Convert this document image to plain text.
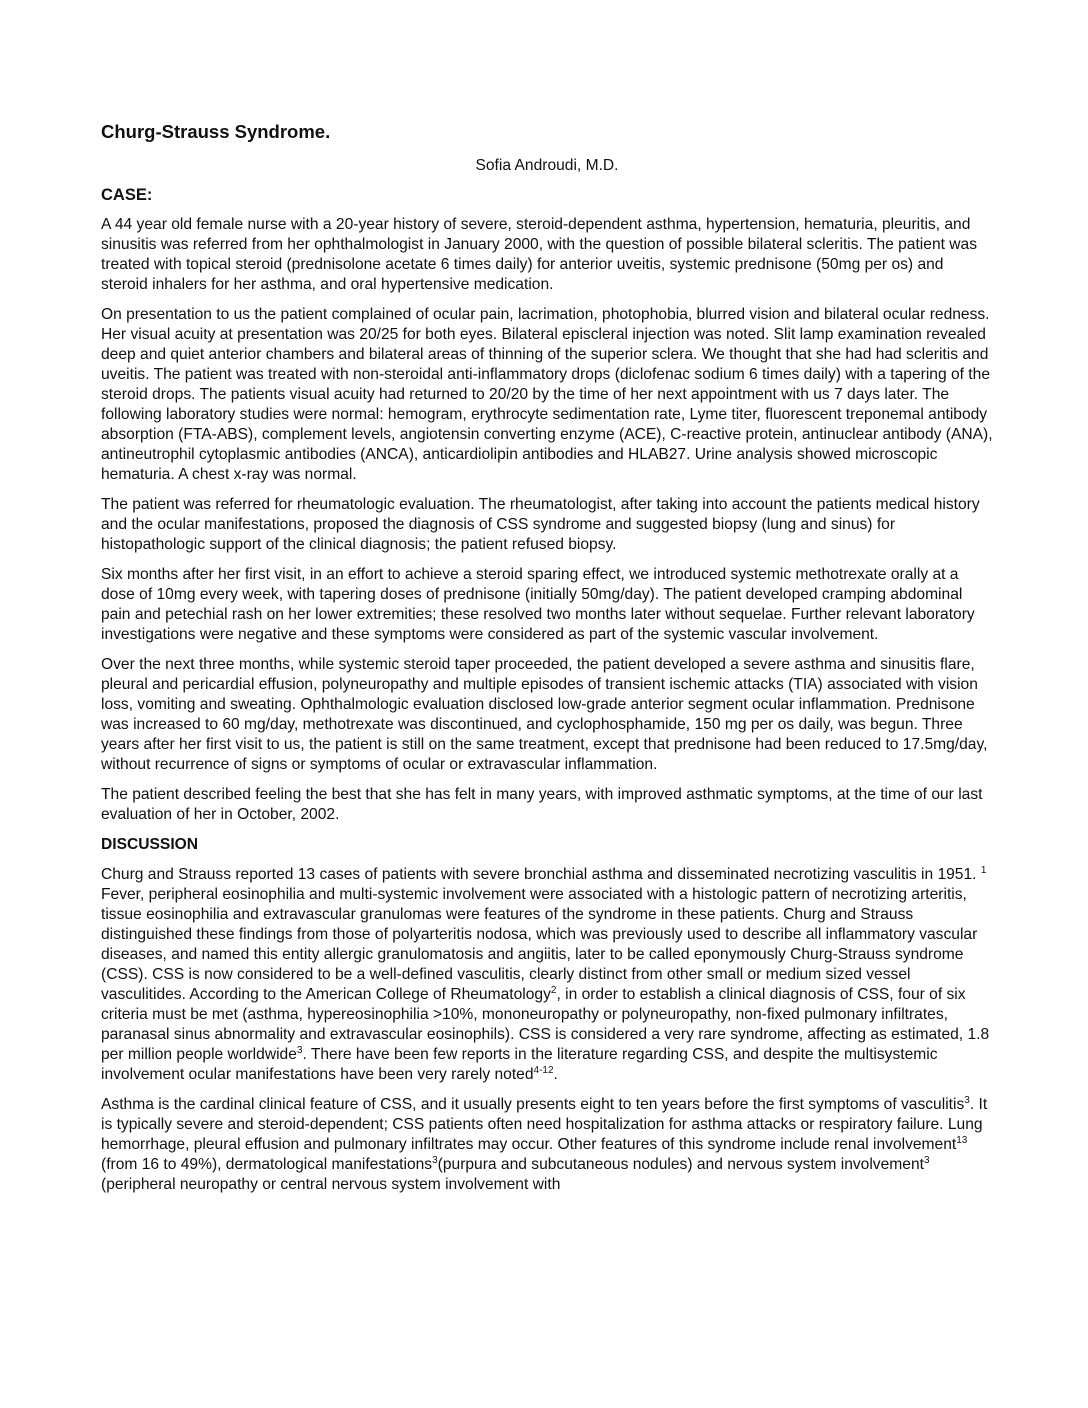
Churg-Strauss Syndrome.
Sofia Androudi, M.D.
CASE:

A 44 year old female nurse with a 20-year history of severe, steroid-dependent asthma, hypertension, hematuria, pleuritis, and sinusitis was referred from her ophthalmologist in January 2000, with the question of possible bilateral scleritis. The patient was treated with topical steroid (prednisolone acetate 6 times daily) for anterior uveitis, systemic prednisone (50mg per os) and steroid inhalers for her asthma, and oral hypertensive medication.

On presentation to us the patient complained of ocular pain, lacrimation, photophobia, blurred vision and bilateral ocular redness. Her visual acuity at presentation was 20/25 for both eyes. Bilateral episcleral injection was noted. Slit lamp examination revealed deep and quiet anterior chambers and bilateral areas of thinning of the superior sclera. We thought that she had had scleritis and uveitis. The patient was treated with non-steroidal anti-inflammatory drops (diclofenac sodium 6 times daily) with a tapering of the steroid drops. The patients visual acuity had returned to 20/20 by the time of her next appointment with us 7 days later. The following laboratory studies were normal: hemogram, erythrocyte sedimentation rate, Lyme titer, fluorescent treponemal antibody absorption (FTA-ABS), complement levels, angiotensin converting enzyme (ACE), C-reactive protein, antinuclear antibody (ANA), antineutrophil cytoplasmic antibodies (ANCA), anticardiolipin antibodies and HLAB27. Urine analysis showed microscopic hematuria. A chest x-ray was normal.

The patient was referred for rheumatologic evaluation. The rheumatologist, after taking into account the patients medical history and the ocular manifestations, proposed the diagnosis of CSS syndrome and suggested biopsy (lung and sinus) for histopathologic support of the clinical diagnosis; the patient refused biopsy.

Six months after her first visit, in an effort to achieve a steroid sparing effect, we introduced systemic methotrexate orally at a dose of 10mg every week, with tapering doses of prednisone (initially 50mg/day). The patient developed cramping abdominal pain and petechial rash on her lower extremities; these resolved two months later without sequelae. Further relevant laboratory investigations were negative and these symptoms were considered as part of the systemic vascular involvement.

Over the next three months, while systemic steroid taper proceeded, the patient developed a severe asthma and sinusitis flare, pleural and pericardial effusion, polyneuropathy and multiple episodes of transient ischemic attacks (TIA) associated with vision loss, vomiting and sweating. Ophthalmologic evaluation disclosed low-grade anterior segment ocular inflammation. Prednisone was increased to 60 mg/day, methotrexate was discontinued, and cyclophosphamide, 150 mg per os daily, was begun. Three years after her first visit to us, the patient is still on the same treatment, except that prednisone had been reduced to 17.5mg/day, without recurrence of signs or symptoms of ocular or extravascular inflammation.

The patient described feeling the best that she has felt in many years, with improved asthmatic symptoms, at the time of our last evaluation of her in October, 2002.

DISCUSSION

Churg and Strauss reported 13 cases of patients with severe bronchial asthma and disseminated necrotizing vasculitis in 1951. $^1$ Fever, peripheral eosinophilia and multi-systemic involvement were associated with a histologic pattern of necrotizing arteritis, tissue eosinophilia and extravascular granulomas were features of the syndrome in these patients. Churg and Strauss distinguished these findings from those of polyarteritis nodosa, which was previously used to describe all inflammatory vascular diseases, and named this entity allergic granulomatosis and angiitis, later to be called eponymously Churg-Strauss syndrome (CSS). CSS is now considered to be a well-defined vasculitis, clearly distinct from other small or medium sized vessel vasculitides. According to the American College of Rheumatology$^2$, in order to establish a clinical diagnosis of CSS, four of six criteria must be met (asthma, hypereosinophilia >10%, mononeuropathy or polyneuropathy, non-fixed pulmonary infiltrates, paranasal sinus abnormality and extravascular eosinophils). CSS is considered a very rare syndrome, affecting as estimated, 1.8 per million people worldwide$^3$. There have been few reports in the literature regarding CSS, and despite the multisystemic involvement ocular manifestations have been very rarely noted$^{4-12}$.

Asthma is the cardinal clinical feature of CSS, and it usually presents eight to ten years before the first symptoms of vasculitis$^3$. It is typically severe and steroid-dependent; CSS patients often need hospitalization for asthma attacks or respiratory failure. Lung hemorrhage, pleural effusion and pulmonary infiltrates may occur. Other features of this syndrome include renal involvement$^{13}$ (from 16 to 49%), dermatological manifestations$^3$(purpura and subcutaneous nodules) and nervous system involvement$^3$ (peripheral neuropathy or central nervous system involvement with
